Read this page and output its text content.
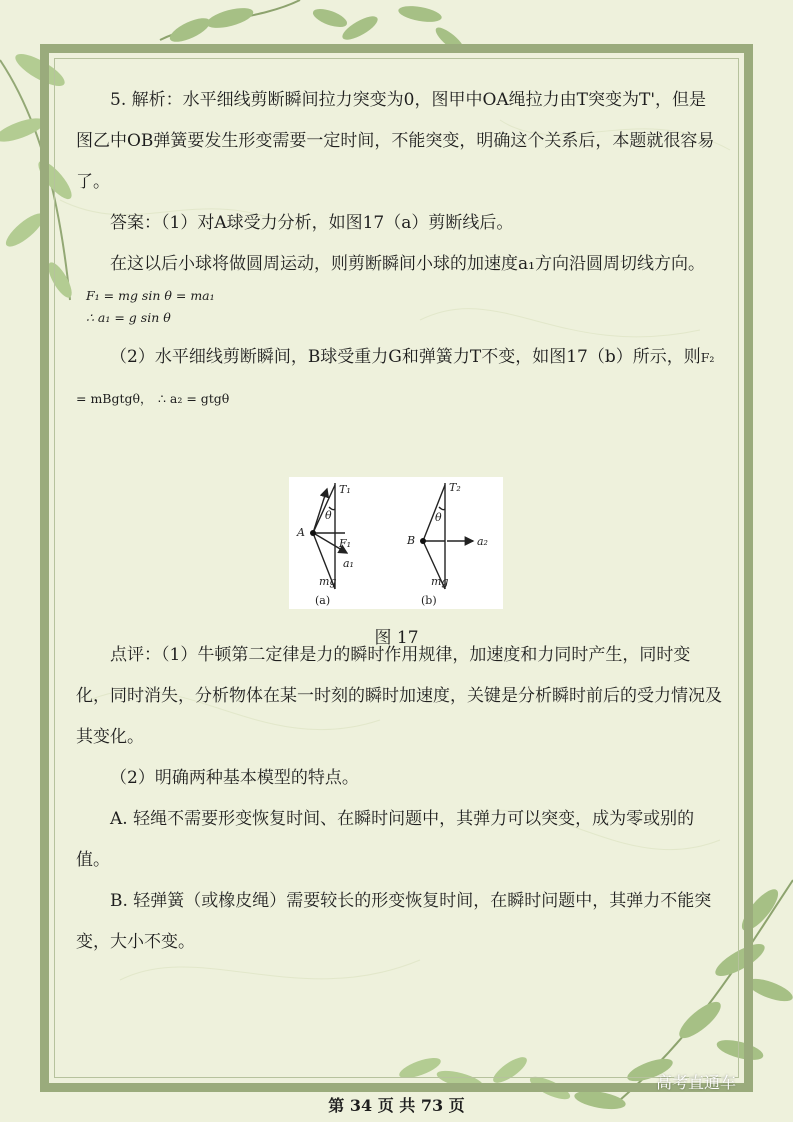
5. 解析：水平细线剪断瞬间拉力突变为0，图甲中OA绳拉力由T突变为T'，但是图乙中OB弹簧要发生形变需要一定时间，不能突变，明确这个关系后，本题就很容易了。

答案：（1）对A球受力分析，如图17（a）剪断线后。

在这以后小球将做圆周运动，则剪断瞬间小球的加速度a₁方向沿圆周切线方向。

F₁ = mg sin θ = ma₁

∴ a₁ = g sin θ

（2）水平细线剪断瞬间，B球受重力G和弹簧力T不变，如图17（b）所示，则F₂ = mBgtgθ， ∴ a₂ = gtgθ

点评：（1）牛顿第二定律是力的瞬时作用规律，加速度和力同时产生，同时变化，同时消失，分析物体在某一时刻的瞬时加速度，关键是分析瞬时前后的受力情况及其变化。

（2）明确两种基本模型的特点。

A. 轻绳不需要形变恢复时间、在瞬时问题中，其弹力可以突变，成为零或别的值。

B. 轻弹簧（或橡皮绳）需要较长的形变恢复时间，在瞬时问题中，其弹力不能突变，大小不变。

T₁
θ
A
F₁
a₁
mg
(a)
T₂
θ
B	a₂
mg
(b)
图 17
第 34 页 共 73 页
高考直通车
